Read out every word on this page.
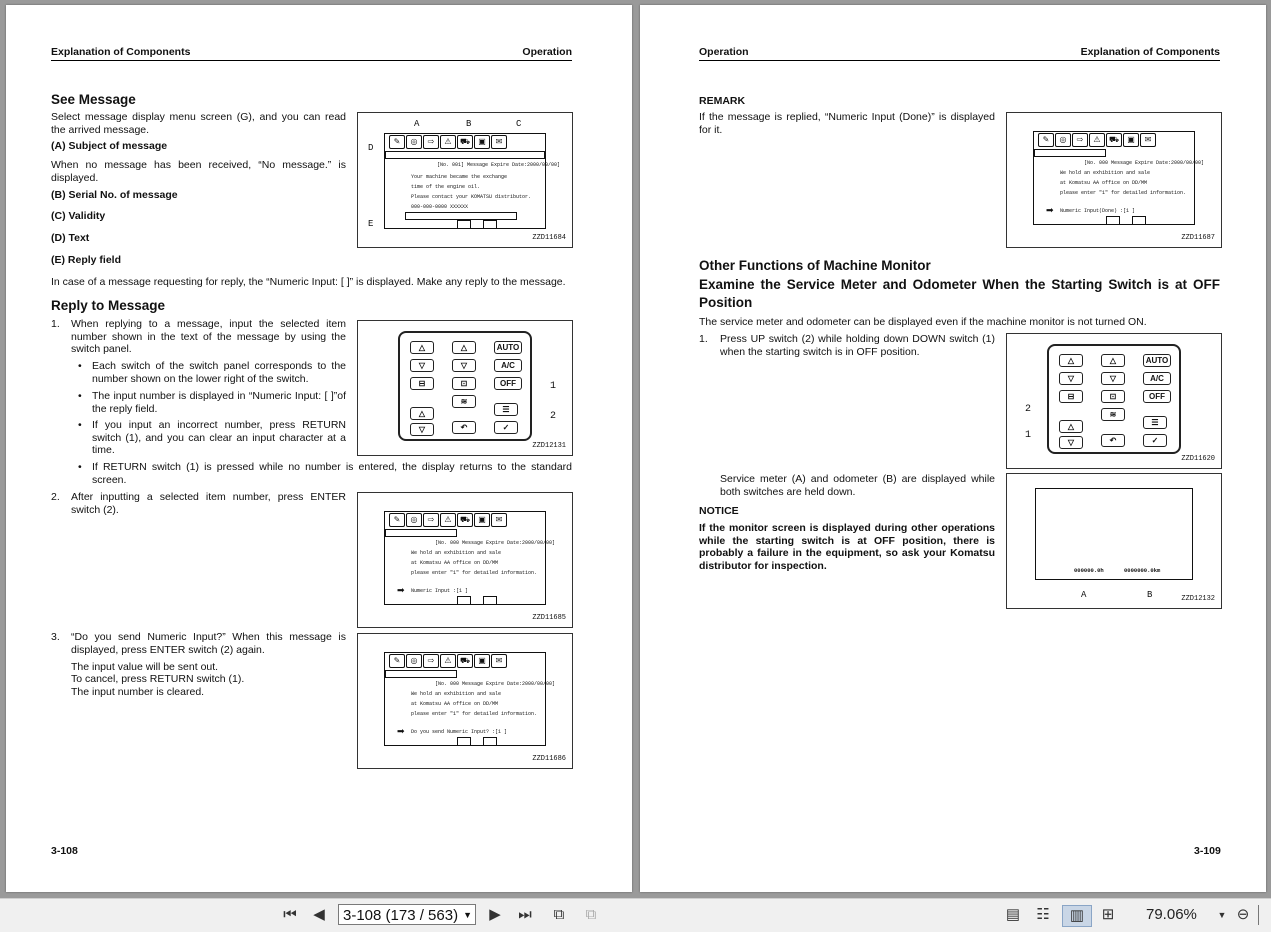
Explanation of Components	Operation
See Message
Select message display menu screen (G), and you can read the arrived message.
(A) Subject of message
When no message has been received, “No message.” is displayed.
(B) Serial No. of message
(C) Validity
(D) Text
(E) Reply field
In case of a message requesting for reply, the “Numeric Input: [ ]” is displayed. Make any reply to the message.
A	B	C
D
E
✎	◎	⇨	⚠	⛟	▣	✉
[No. 001] Message Expire Date:2000/00/00]
Your machine became the exchange
time of the engine oil.
Please contact your KOMATSU distributor.
000-000-0000 XXXXXX
ZZD11684
Reply to Message
1. When replying to a message, input the selected item number shown in the text of the message by using the switch panel.
• Each switch of the switch panel corresponds to the number shown on the lower right of the switch.
• The input number is displayed in “Numeric Input: [ ]”of the reply field.
• If you input an incorrect number, press RETURN switch (1), and you can clear an input character at a time.
• If RETURN switch (1) is pressed while no number is entered, the display returns to the standard screen.
△
▽
⊟
△
▽
⊡
≋
AUTO
A/C
OFF
△
▽	↶
☰
✓
1
2
ZZD12131
2. After inputting a selected item number, press ENTER switch (2).
✎	◎	⇨	⚠	⛟	▣	✉
[No. 000 Message Expire Date:2000/00/00]
We hold an exhibition and sale
at Komatsu AA office on DD/MM
please enter "1" for detailed information.
➡ Numeric Input :[1 ]
ZZD11685
3. “Do you send Numeric Input?” When this message is displayed, press ENTER switch (2) again.
The input value will be sent out.
To cancel, press RETURN switch (1).
The input number is cleared.
✎	◎	⇨	⚠	⛟	▣	✉
[No. 000 Message Expire Date:2000/00/00]
We hold an exhibition and sale
at Komatsu AA office on DD/MM
please enter "1" for detailed information.
➡ Do you send Numeric Input? :[1 ]
ZZD11686
3-108
Operation	Explanation of Components
REMARK
If the message is replied, “Numeric Input (Done)” is displayed for it.
✎	◎	⇨	⚠	⛟	▣	✉
[No. 000 Message Expire Date:2000/00/00]
We hold an exhibition and sale
at Komatsu AA office on DD/MM
please enter "1" for detailed information.
➡ Numeric Input(Done) :[1 ]
ZZD11687
Other Functions of Machine Monitor
Examine the Service Meter and Odometer When the Starting Switch is at OFF Position
The service meter and odometer can be displayed even if the machine monitor is not turned ON.
1. Press UP switch (2) while holding down DOWN switch (1) when the starting switch is in OFF position.
△
▽
⊟
△
▽
⊡
≋
AUTO
A/C
OFF
△
▽	↶
☰
✓
2
1
ZZD11620
Service meter (A) and odometer (B) are displayed while both switches are held down.
NOTICE
If the monitor screen is displayed during other operations while the starting switch is at OFF position, there is probably a failure in the equipment, so ask your Komatsu distributor for inspection.	000000.0h	0000000.0km
A	B	ZZD12132
3-109
⏮	◀	3-108 (173 / 563) ▼	▶	⏭	⧉	⧉	▤ ☷	▥	⊞	79.06% ▼ ⊖
